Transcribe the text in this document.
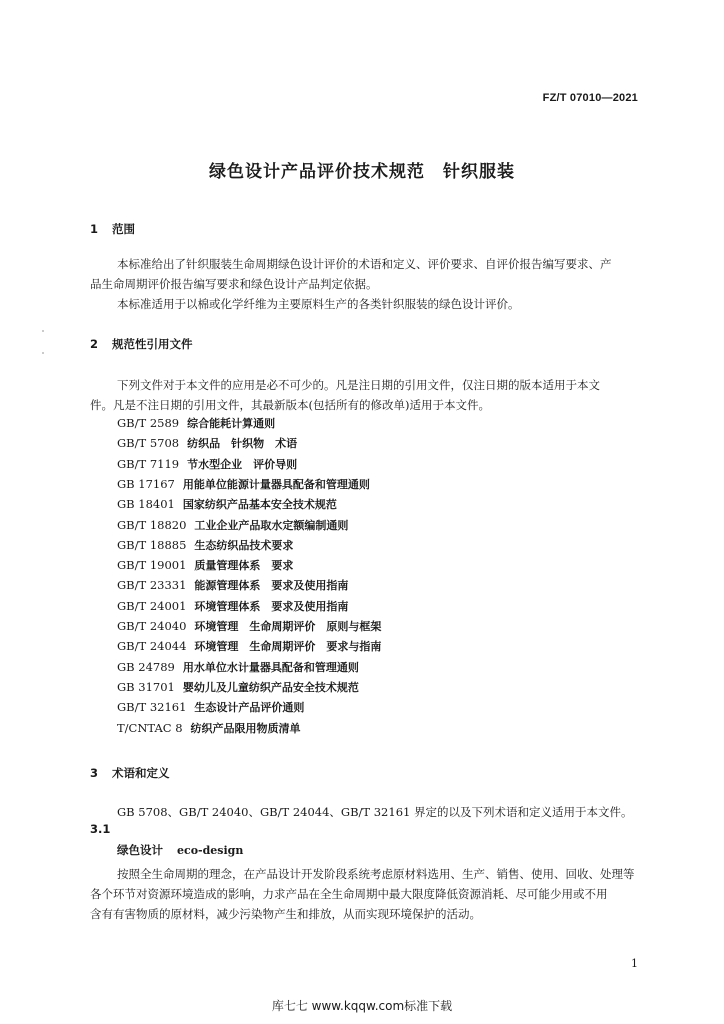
FZ/T 07010—2021
绿色设计产品评价技术规范　针织服装
1 范围
本标准给出了针织服装生命周期绿色设计评价的术语和定义、评价要求、自评价报告编写要求、产
品生命周期评价报告编写要求和绿色设计产品判定依据。
本标准适用于以棉或化学纤维为主要原料生产的各类针织服装的绿色设计评价。
2 规范性引用文件
下列文件对于本文件的应用是必不可少的。凡是注日期的引用文件，仅注日期的版本适用于本文
件。凡是不注日期的引用文件，其最新版本(包括所有的修改单)适用于本文件。
GB/T 2589 综合能耗计算通则
GB/T 5708 纺织品　针织物　术语
GB/T 7119 节水型企业　评价导则
GB 17167 用能单位能源计量器具配备和管理通则
GB 18401 国家纺织产品基本安全技术规范
GB/T 18820 工业企业产品取水定额编制通则
GB/T 18885 生态纺织品技术要求
GB/T 19001 质量管理体系　要求
GB/T 23331 能源管理体系　要求及使用指南
GB/T 24001 环境管理体系　要求及使用指南
GB/T 24040 环境管理　生命周期评价　原则与框架
GB/T 24044 环境管理　生命周期评价　要求与指南
GB 24789 用水单位水计量器具配备和管理通则
GB 31701 婴幼儿及儿童纺织产品安全技术规范
GB/T 32161 生态设计产品评价通则
T/CNTAC 8 纺织产品限用物质清单
3 术语和定义
GB 5708、GB/T 24040、GB/T 24044、GB/T 32161 界定的以及下列术语和定义适用于本文件。
3.1
绿色设计 eco-design
按照全生命周期的理念，在产品设计开发阶段系统考虑原材料选用、生产、销售、使用、回收、处理等
各个环节对资源环境造成的影响，力求产品在全生命周期中最大限度降低资源消耗、尽可能少用或不用
含有有害物质的原材料，减少污染物产生和排放，从而实现环境保护的活动。
1
库七七 www.kqqw.com标准下载
